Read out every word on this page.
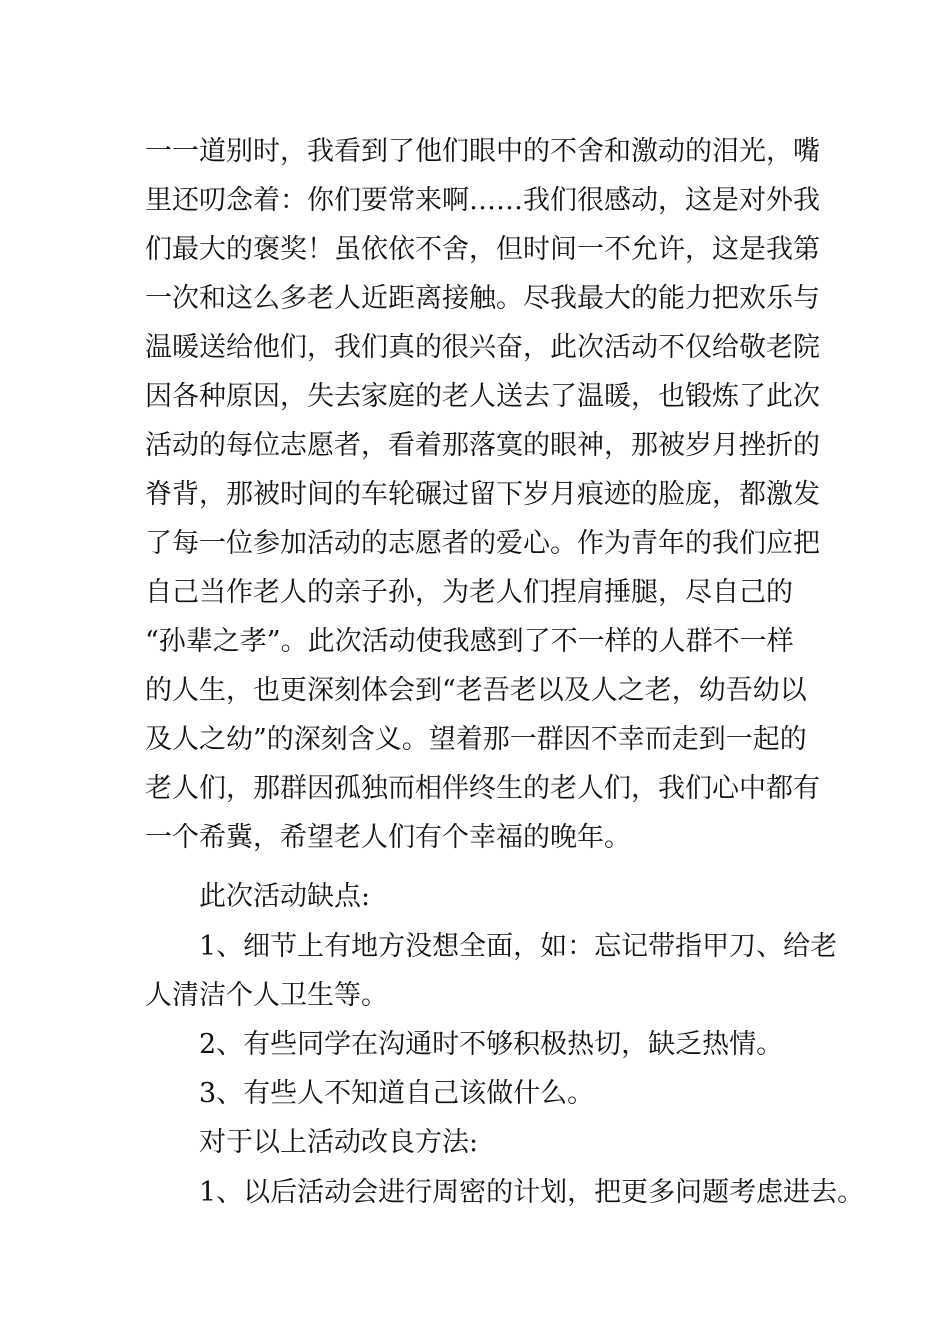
一一道别时，我看到了他们眼中的不舍和激动的泪光，嘴
里还叨念着：你们要常来啊……我们很感动，这是对外我
们最大的褒奖！虽依依不舍，但时间一不允许，这是我第
一次和这么多老人近距离接触。尽我最大的能力把欢乐与
温暖送给他们，我们真的很兴奋，此次活动不仅给敬老院
因各种原因，失去家庭的老人送去了温暖，也锻炼了此次
活动的每位志愿者，看着那落寞的眼神，那被岁月挫折的
脊背，那被时间的车轮碾过留下岁月痕迹的脸庞，都激发
了每一位参加活动的志愿者的爱心。作为青年的我们应把
自己当作老人的亲子孙，为老人们捏肩捶腿，尽自己的
“孙辈之孝”。此次活动使我感到了不一样的人群不一样
的人生，也更深刻体会到“老吾老以及人之老，幼吾幼以
及人之幼”的深刻含义。望着那一群因不幸而走到一起的
老人们，那群因孤独而相伴终生的老人们，我们心中都有
一个希冀，希望老人们有个幸福的晚年。
此次活动缺点:
1、细节上有地方没想全面，如：忘记带指甲刀、给老
人清洁个人卫生等。
2、有些同学在沟通时不够积极热切，缺乏热情。
3、有些人不知道自己该做什么。
对于以上活动改良方法:
1、以后活动会进行周密的计划，把更多问题考虑进去。
